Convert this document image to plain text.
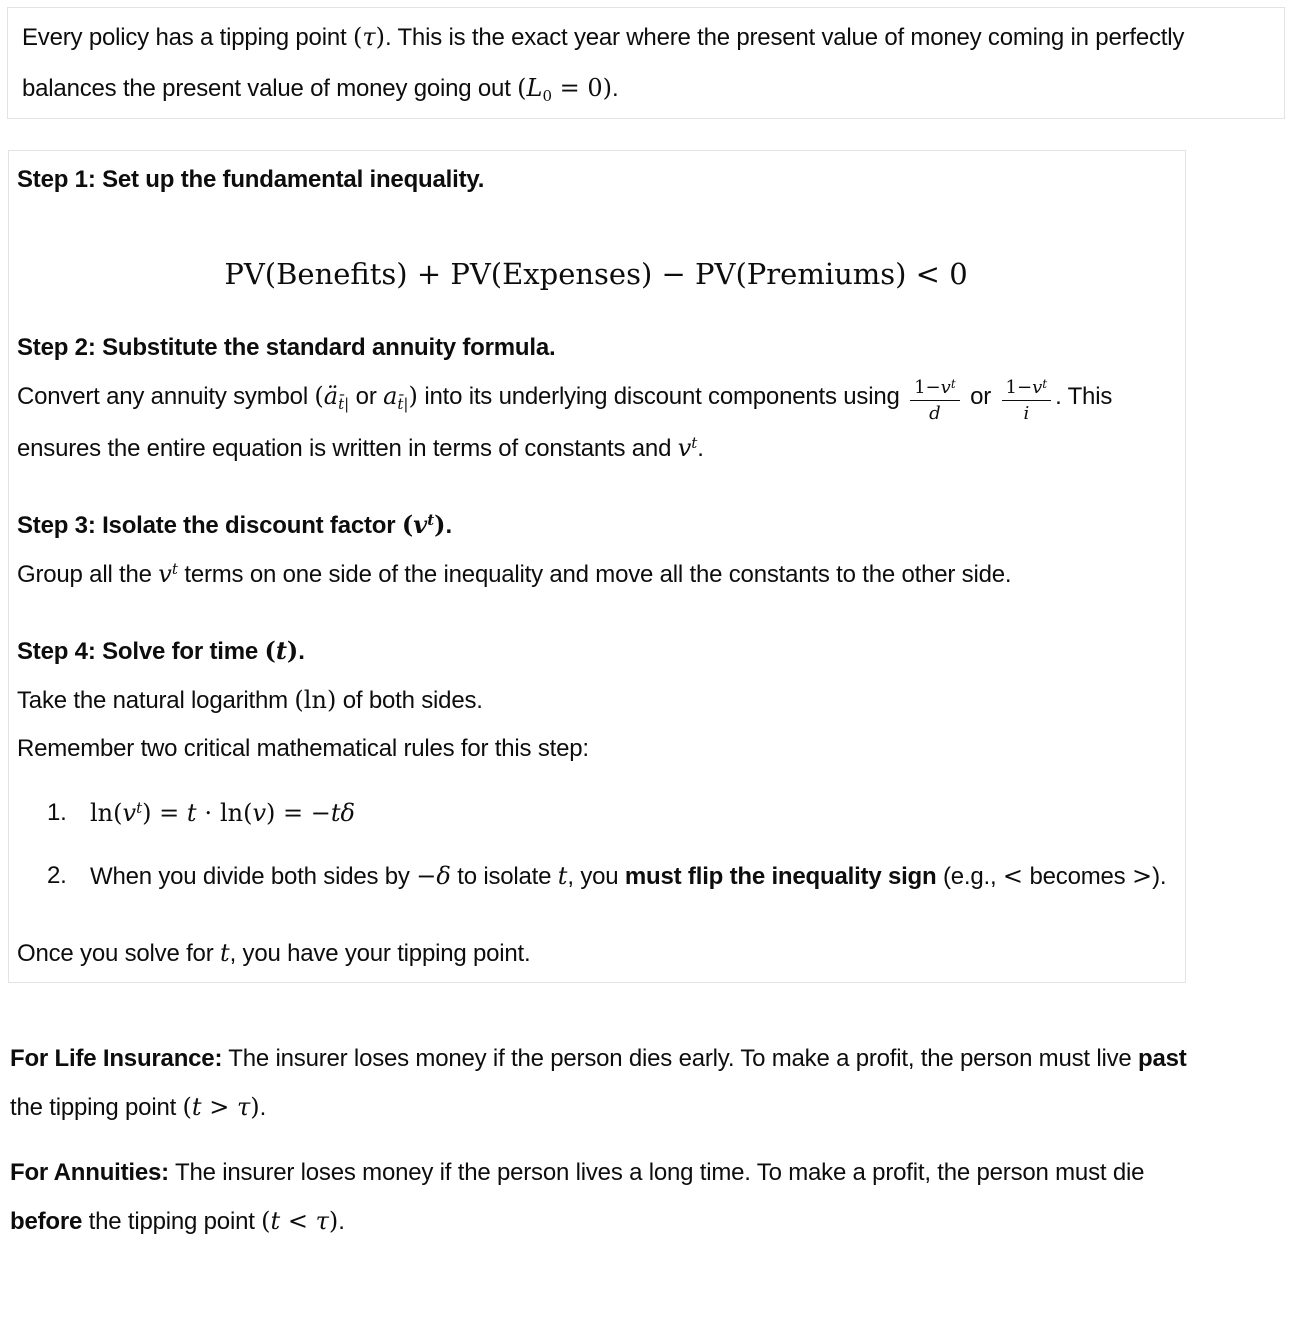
Every policy has a tipping point (τ). This is the exact year where the present value of money coming in perfectly balances the present value of money going out $(L_0 = 0)$.

Step 1: Set up the fundamental inequality.
PV(Benefits) + PV(Expenses) − PV(Premiums) < 0
Step 2: Substitute the standard annuity formula.

Convert any annuity symbol ($ä_{t̄|}$ or $a_{t̄|}$) into its underlying discount components using $\frac{1-v^t}{d}$ or $\frac{1-v^t}{i}$ . This ensures the entire equation is written in terms of constants and $v^t$.

Step 3: Isolate the discount factor $(v^t)$.

Group all the $v^t$ terms on one side of the inequality and move all the constants to the other side.

Step 4: Solve for time (t).

Take the natural logarithm (ln) of both sides.

Remember two critical mathematical rules for this step:

1. $\ln(v^t) = t \cdot \ln(v) = -t\delta$
2. When you divide both sides by −δ to isolate t, you must flip the inequality sign (e.g., < becomes >).

Once you solve for t, you have your tipping point.

For Life Insurance: The insurer loses money if the person dies early. To make a profit, the person must live past the tipping point (t > τ).

For Annuities: The insurer loses money if the person lives a long time. To make a profit, the person must die before the tipping point (t < τ).
